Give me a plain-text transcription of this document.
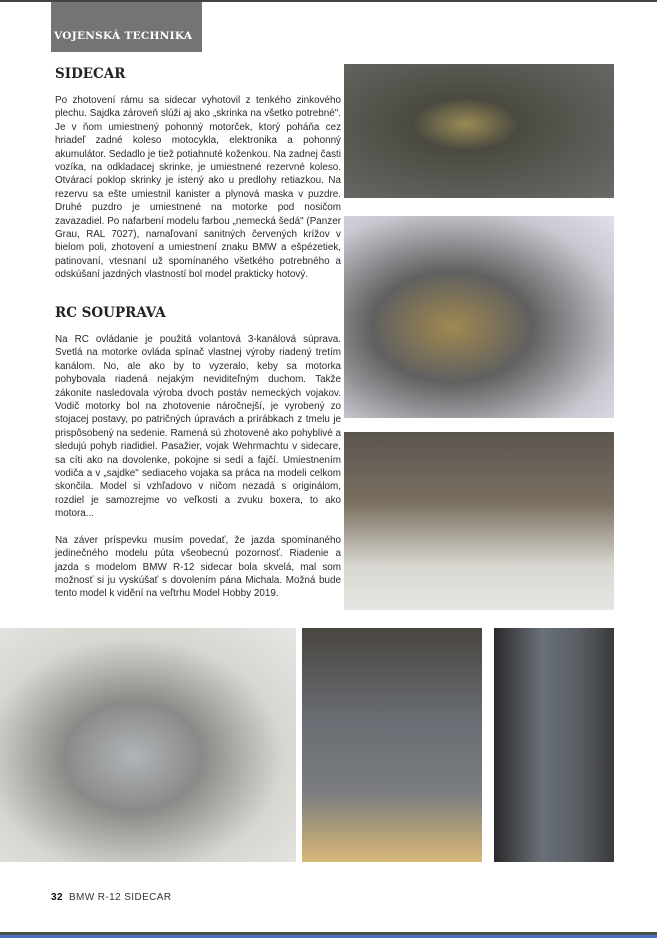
VOJENSKÁ TECHNIKA
SIDECAR

Po zhotovení rámu sa sidecar vyhotovil z tenkého zinkového plechu. Sajdka zároveň slúži aj ako „skrinka na všetko potrebné". Je v ňom umiestnený pohonný motorček, ktorý poháňa cez hriadeľ zadné koleso motocykla, elektronika a pohonný akumulátor. Sedadlo je tiež potiahnuté koženkou. Na zadnej časti vozíka, na odkladacej skrinke, je umiestnené rezervné koleso. Otvárací poklop skrinky je istený ako u predlohy retiazkou. Na rezervu sa ešte umiestnil kanister a plynová maska v puzdre. Druhé puzdro je umiestnené na motorke pod nosičom zavazadiel. Po nafarbení modelu farbou „nemecká šedá" (Panzer Grau, RAL 7027), namaľovaní sanitných červených krížov v bielom poli, zhotovení a umiestnení znaku BMW a ešpézetiek, patinovaní, vtesnaní už spomínaného všetkého potrebného a odskúšaní jazdných vlastností bol model prakticky hotový.

RC SOUPRAVA

Na RC ovládanie je použitá volantová 3-kanálová súprava. Svetlá na motorke ovláda spínač vlastnej výroby riadený tretím kanálom. No, ale ako by to vyzeralo, keby sa motorka pohybovala riadená nejakým neviditeľným duchom. Takže zákonite nasledovala výroba dvoch postáv nemeckých vojakov. Vodič motorky bol na zhotovenie náročnejší, je vyrobený zo stojacej postavy, po patričných úpravách a prírábkach z tmelu je prispôsobený na sedenie. Ramená sú zhotovené ako pohyblivé a sledujú pohyb riadidiel. Pasažier, vojak Wehrmachtu v sidecare, sa cíti ako na dovolenke, pokojne si sedí a fajčí. Umiestnením vodiča a v „sajdke" sediaceho vojaka sa práca na modeli celkom skončila. Model si vzhľadovo v ničom nezadá s originálom, rozdiel je samozrejme vo veľkosti a zvuku boxera, to ako motora...

Na záver príspevku musím povedať, že jazda spomínaného jedinečného modelu púta všeobecnú pozornosť. Riadenie a jazda s modelom BMW R-12 sidecar bola skvelá, mal som možnosť si ju vyskúšať s dovolením pána Michala. Možná bude tento model k vidění na veľtrhu Model Hobby 2019.

32 BMW R-12 SIDECAR
